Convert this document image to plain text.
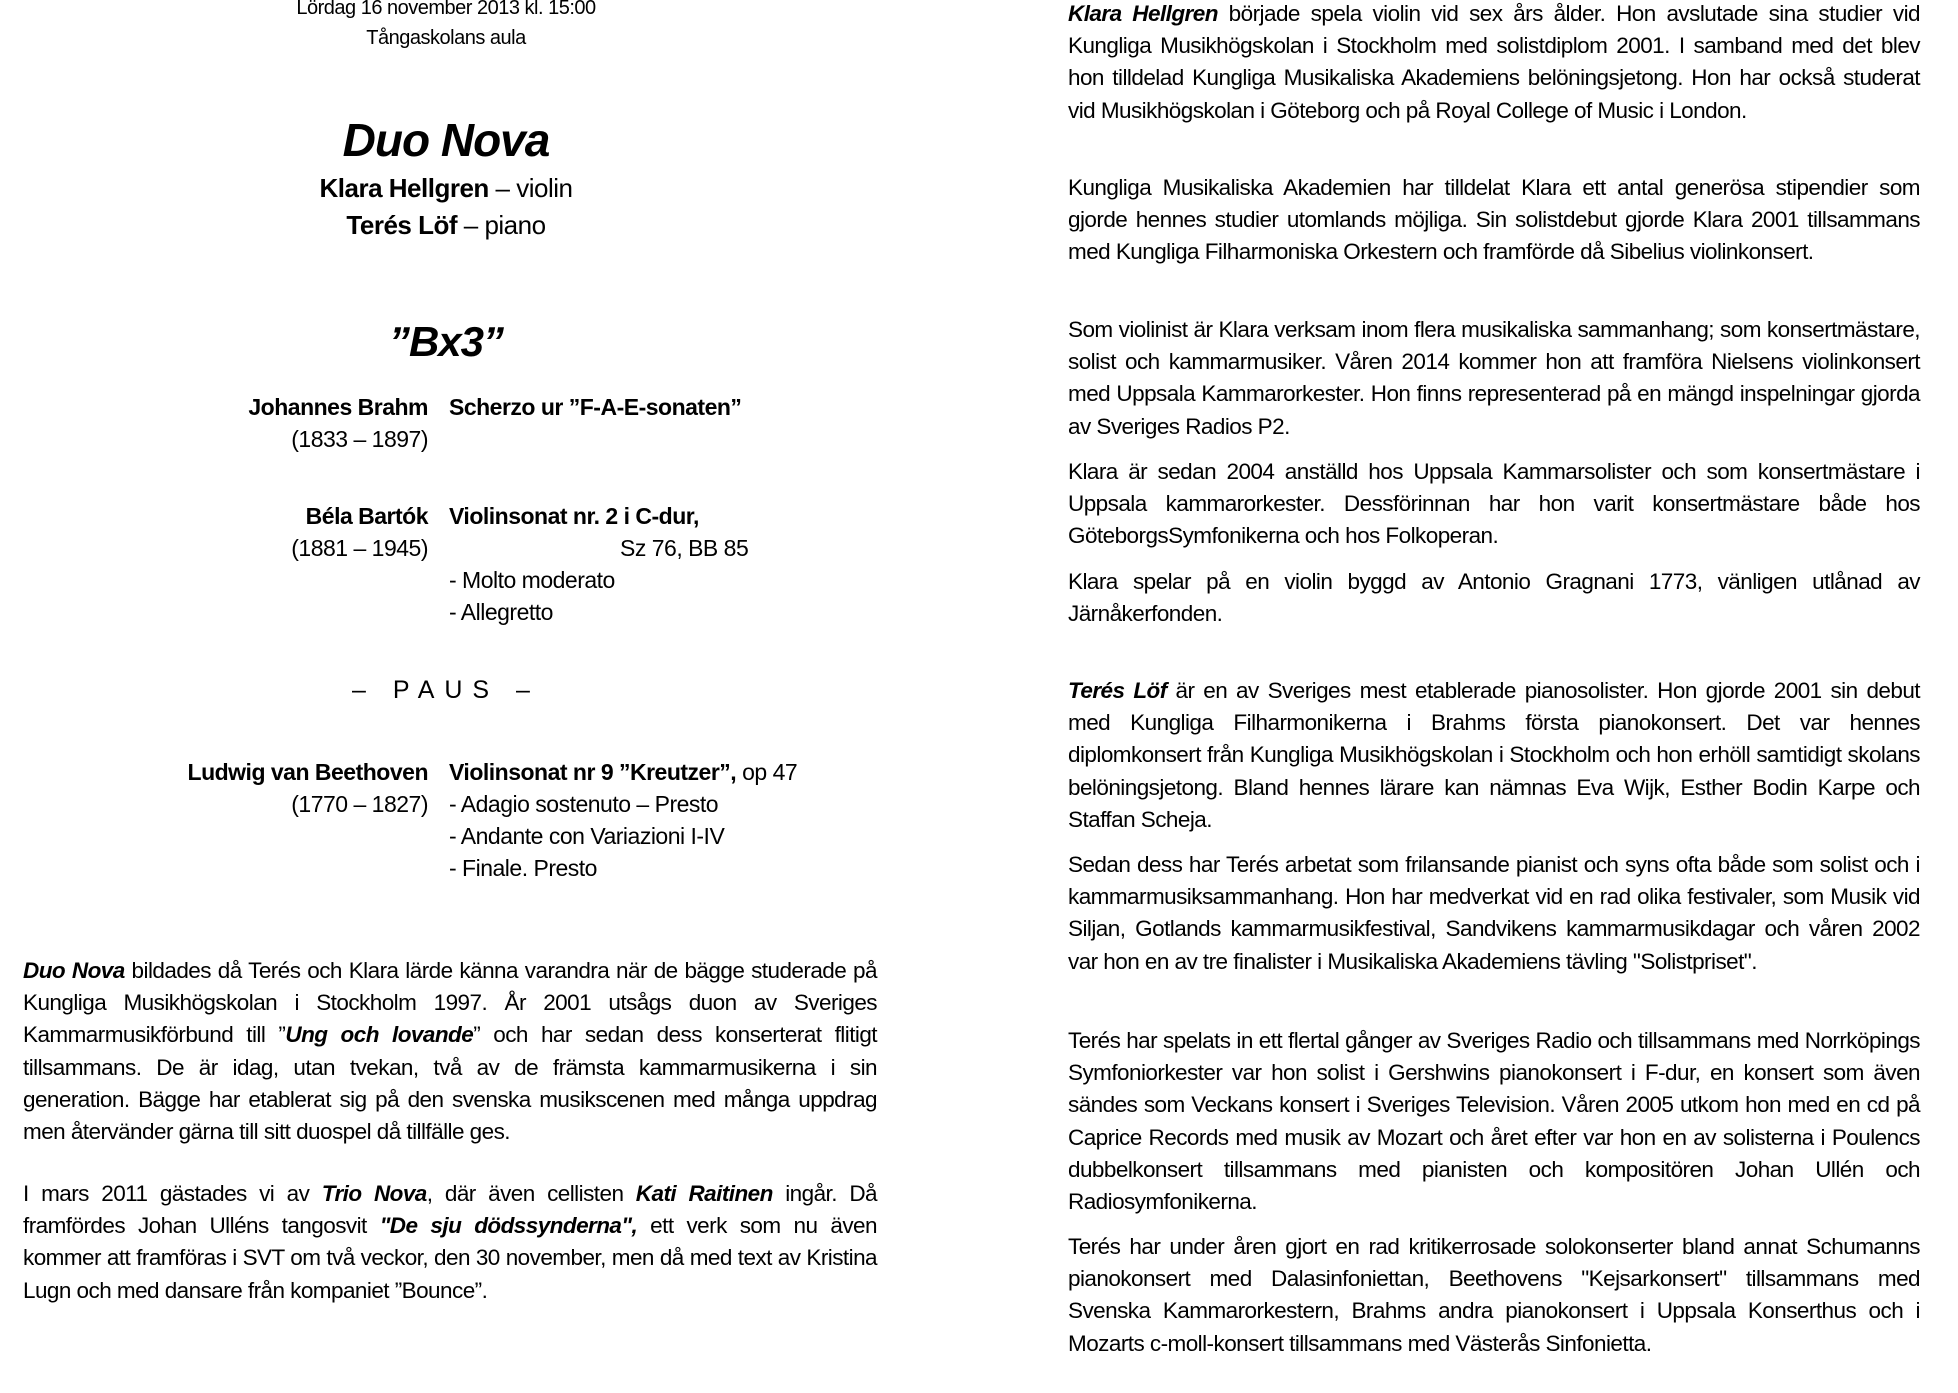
Lördag 16 november 2013 kl. 15:00
Tångaskolans aula
Duo Nova
Klara Hellgren – violin
Terés Löf – piano
”Bx3”
Johannes Brahm
(1833 – 1897)
Scherzo ur ”F-A-E-sonaten”
Béla Bartók
(1881 – 1945)
Violinsonat nr. 2 i C-dur,
Sz 76, BB 85
- Molto moderato
- Allegretto
– PAUS –
Ludwig van Beethoven
(1770 – 1827)
Violinsonat nr 9 ”Kreutzer”, op 47
- Adagio sostenuto – Presto
- Andante con Variazioni I-IV
- Finale. Presto

Duo Nova bildades då Terés och Klara lärde känna varandra när de bägge studerade på Kungliga Musikhögskolan i Stockholm 1997. År 2001 utsågs duon av Sveriges Kammarmusikförbund till ”Ung och lovande” och har sedan dess konserterat flitigt tillsammans. De är idag, utan tvekan, två av de främsta kammarmusikerna i sin generation. Bägge har etablerat sig på den svenska musikscenen med många uppdrag men återvänder gärna till sitt duospel då tillfälle ges.

I mars 2011 gästades vi av Trio Nova, där även cellisten Kati Raitinen ingår. Då framfördes Johan Ulléns tangosvit "De sju dödssynderna", ett verk som nu även kommer att framföras i SVT om två veckor, den 30 november, men då med text av Kristina Lugn och med dansare från kompaniet ”Bounce”.

Klara Hellgren började spela violin vid sex års ålder. Hon avslutade sina studier vid Kungliga Musikhögskolan i Stockholm med solistdiplom 2001. I samband med det blev hon tilldelad Kungliga Musikaliska Akademiens belöningsjetong. Hon har också studerat vid Musikhögskolan i Göteborg och på Royal College of Music i London.

Kungliga Musikaliska Akademien har tilldelat Klara ett antal generösa stipendier som gjorde hennes studier utomlands möjliga. Sin solistdebut gjorde Klara 2001 tillsammans med Kungliga Filharmoniska Orkestern och framförde då Sibelius violinkonsert.

Som violinist är Klara verksam inom flera musikaliska sammanhang; som konsertmästare, solist och kammarmusiker. Våren 2014 kommer hon att framföra Nielsens violinkonsert med Uppsala Kammarorkester. Hon finns representerad på en mängd inspelningar gjorda av Sveriges Radios P2.

Klara är sedan 2004 anställd hos Uppsala Kammarsolister och som konsertmästare i Uppsala kammarorkester. Dessförinnan har hon varit konsertmästare både hos GöteborgsSymfonikerna och hos Folkoperan.

Klara spelar på en violin byggd av Antonio Gragnani 1773, vänligen utlånad av Järnåkerfonden.

Terés Löf är en av Sveriges mest etablerade pianosolister. Hon gjorde 2001 sin debut med Kungliga Filharmonikerna i Brahms första pianokonsert. Det var hennes diplomkonsert från Kungliga Musikhögskolan i Stockholm och hon erhöll samtidigt skolans belöningsjetong. Bland hennes lärare kan nämnas Eva Wijk, Esther Bodin Karpe och Staffan Scheja.

Sedan dess har Terés arbetat som frilansande pianist och syns ofta både som solist och i kammarmusiksammanhang. Hon har medverkat vid en rad olika festivaler, som Musik vid Siljan, Gotlands kammarmusikfestival, Sandvikens kammarmusikdagar och våren 2002 var hon en av tre finalister i Musikaliska Akademiens tävling "Solistpriset".

Terés har spelats in ett flertal gånger av Sveriges Radio och tillsammans med Norrköpings Symfoniorkester var hon solist i Gershwins pianokonsert i F-dur, en konsert som även sändes som Veckans konsert i Sveriges Television. Våren 2005 utkom hon med en cd på Caprice Records med musik av Mozart och året efter var hon en av solisterna i Poulencs dubbelkonsert tillsammans med pianisten och kompositören Johan Ullén och Radiosymfonikerna.

Terés har under åren gjort en rad kritikerrosade solokonserter bland annat Schumanns pianokonsert med Dalasinfoniettan, Beethovens "Kejsarkonsert" tillsammans med Svenska Kammarorkestern, Brahms andra pianokonsert i Uppsala Konserthus och i Mozarts c-moll-konsert tillsammans med Västerås Sinfonietta.
